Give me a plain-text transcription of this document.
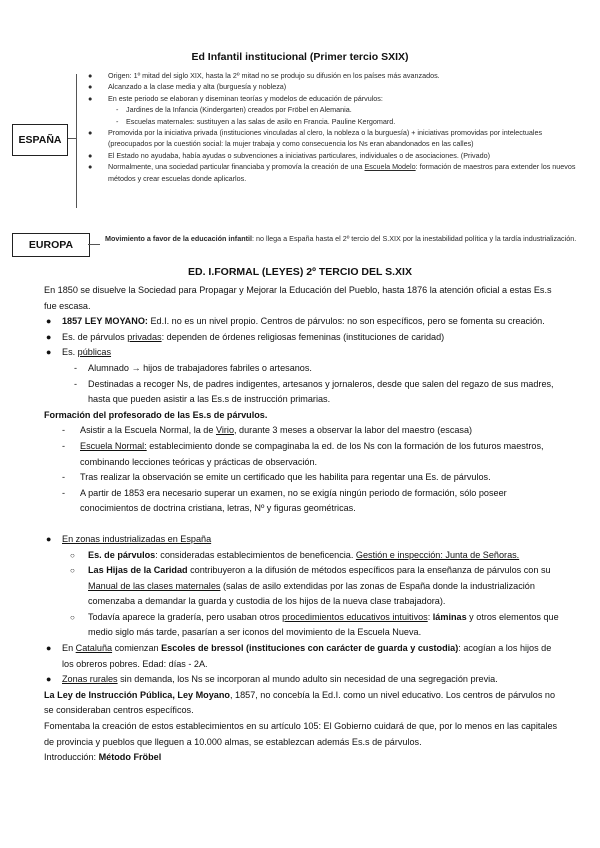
Ed Infantil institucional (Primer tercio SXIX)
ESPAÑA
● Origen: 1º mitad del siglo XIX, hasta la 2º mitad no se produjo su difusión en los países más avanzados.
● Alcanzado a la clase media y alta (burguesía y nobleza)
● En este periodo se elaboran y diseminan teorías y modelos de educación de párvulos:
- Jardines de la Infancia (Kindergarten) creados por Fröbel en Alemania.
- Escuelas maternales: sustituyen a las salas de asilo en Francia. Pauline Kergomard.
● Promovida por la iniciativa privada (instituciones vinculadas al clero, la nobleza o la burguesía) + iniciativas promovidas por intelectuales (preocupados por la cuestión social: la mujer trabaja y como consecuencia los Ns eran abandonados en las calles)
● El Estado no ayudaba, había ayudas o subvenciones a iniciativas particulares, individuales o de asociaciones. (Privado)
● Normalmente, una sociedad particular financiaba y promovía la creación de una Escuela Modelo: formación de maestros para extender los nuevos métodos y crear escuelas donde aplicarlos.
EUROPA
Movimiento a favor de la educación infantil: no llega a España hasta el 2º tercio del S.XIX por la inestabilidad política y la tardía industrialización.
ED. I.FORMAL (LEYES) 2º TERCIO DEL S.XIX

En 1850 se disuelve la Sociedad para Propagar y Mejorar la Educación del Pueblo, hasta 1876 la atención oficial a estas Es.s fue escasa.

● 1857 LEY MOYANO: Ed.I. no es un nivel propio. Centros de párvulos: no son específicos, pero se fomenta su creación.
● Es. de párvulos privadas: dependen de órdenes religiosas femeninas (instituciones de caridad)
● Es. públicas
- Alumnado → hijos de trabajadores fabriles o artesanos.
- Destinadas a recoger Ns, de padres indigentes, artesanos y jornaleros, desde que salen del regazo de sus madres, hasta que pueden asistir a las Es.s de instrucción primarias.

Formación del profesorado de las Es.s de párvulos.

- Asistir a la Escuela Normal, la de Virio, durante 3 meses a observar la labor del maestro (escasa)
- Escuela Normal: establecimiento donde se compaginaba la ed. de los Ns con la formación de los futuros maestros, combinando lecciones teóricas y prácticas de observación.
- Tras realizar la observación se emite un certificado que les habilita para regentar una Es. de párvulos.
- A partir de 1853 era necesario superar un examen, no se exigía ningún periodo de formación, sólo poseer conocimientos de doctrina cristiana, letras, Nº y figuras geométricas.
● En zonas industrializadas en España
○ Es. de párvulos: consideradas establecimientos de beneficencia. Gestión e inspección: Junta de Señoras.
○ Las Hijas de la Caridad contribuyeron a la difusión de métodos específicos para la enseñanza de párvulos con su Manual de las clases maternales (salas de asilo extendidas por las zonas de España donde la industrialización comenzaba a demandar la guarda y custodia de los hijos de la nueva clase trabajadora).
○ Todavía aparece la gradería, pero usaban otros procedimientos educativos intuitivos: láminas y otros elementos que medio siglo más tarde, pasarían a ser iconos del movimiento de la Escuela Nueva.
● En Cataluña comienzan Escoles de bressol (instituciones con carácter de guarda y custodia): acogían a los hijos de los obreros pobres. Edad: días - 2A.
● Zonas rurales sin demanda, los Ns se incorporan al mundo adulto sin necesidad de una segregación previa.

La Ley de Instrucción Pública, Ley Moyano, 1857, no concebía la Ed.I. como un nivel educativo. Los centros de párvulos no se consideraban centros específicos.

Fomentaba la creación de estos establecimientos en su artículo 105: El Gobierno cuidará de que, por lo menos en las capitales de provincia y pueblos que lleguen a 10.000 almas, se establezcan además Es.s de párvulos.

Introducción: Método Fröbel
